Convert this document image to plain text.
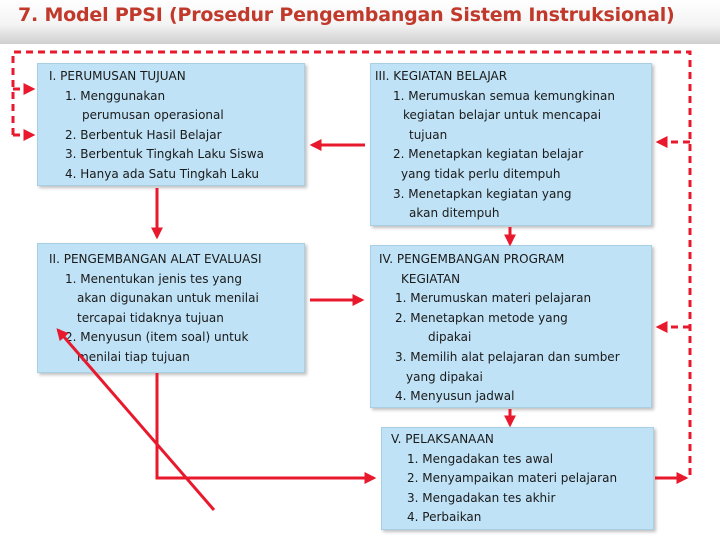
7. Model PPSI (Prosedur Pengembangan Sistem Instruksional)
I. PERUMUSAN TUJUAN
1. Menggunakan
perumusan operasional
2. Berbentuk Hasil Belajar
3. Berbentuk Tingkah Laku Siswa
4. Hanya ada Satu Tingkah Laku
II. PENGEMBANGAN ALAT EVALUASI
1. Menentukan jenis tes yang
akan digunakan untuk menilai
tercapai tidaknya tujuan
2. Menyusun (item soal) untuk
menilai tiap tujuan
III. KEGIATAN BELAJAR
1. Merumuskan semua kemungkinan
kegiatan belajar untuk mencapai
tujuan
2. Menetapkan kegiatan belajar
yang tidak perlu ditempuh
3. Menetapkan kegiatan yang
akan ditempuh
IV. PENGEMBANGAN PROGRAM
KEGIATAN
1. Merumuskan materi pelajaran
2. Menetapkan metode yang
dipakai
3. Memilih alat pelajaran dan sumber
yang dipakai
4. Menyusun jadwal
V. PELAKSANAAN
1. Mengadakan tes awal
2. Menyampaikan materi pelajaran
3. Mengadakan tes akhir
4. Perbaikan
